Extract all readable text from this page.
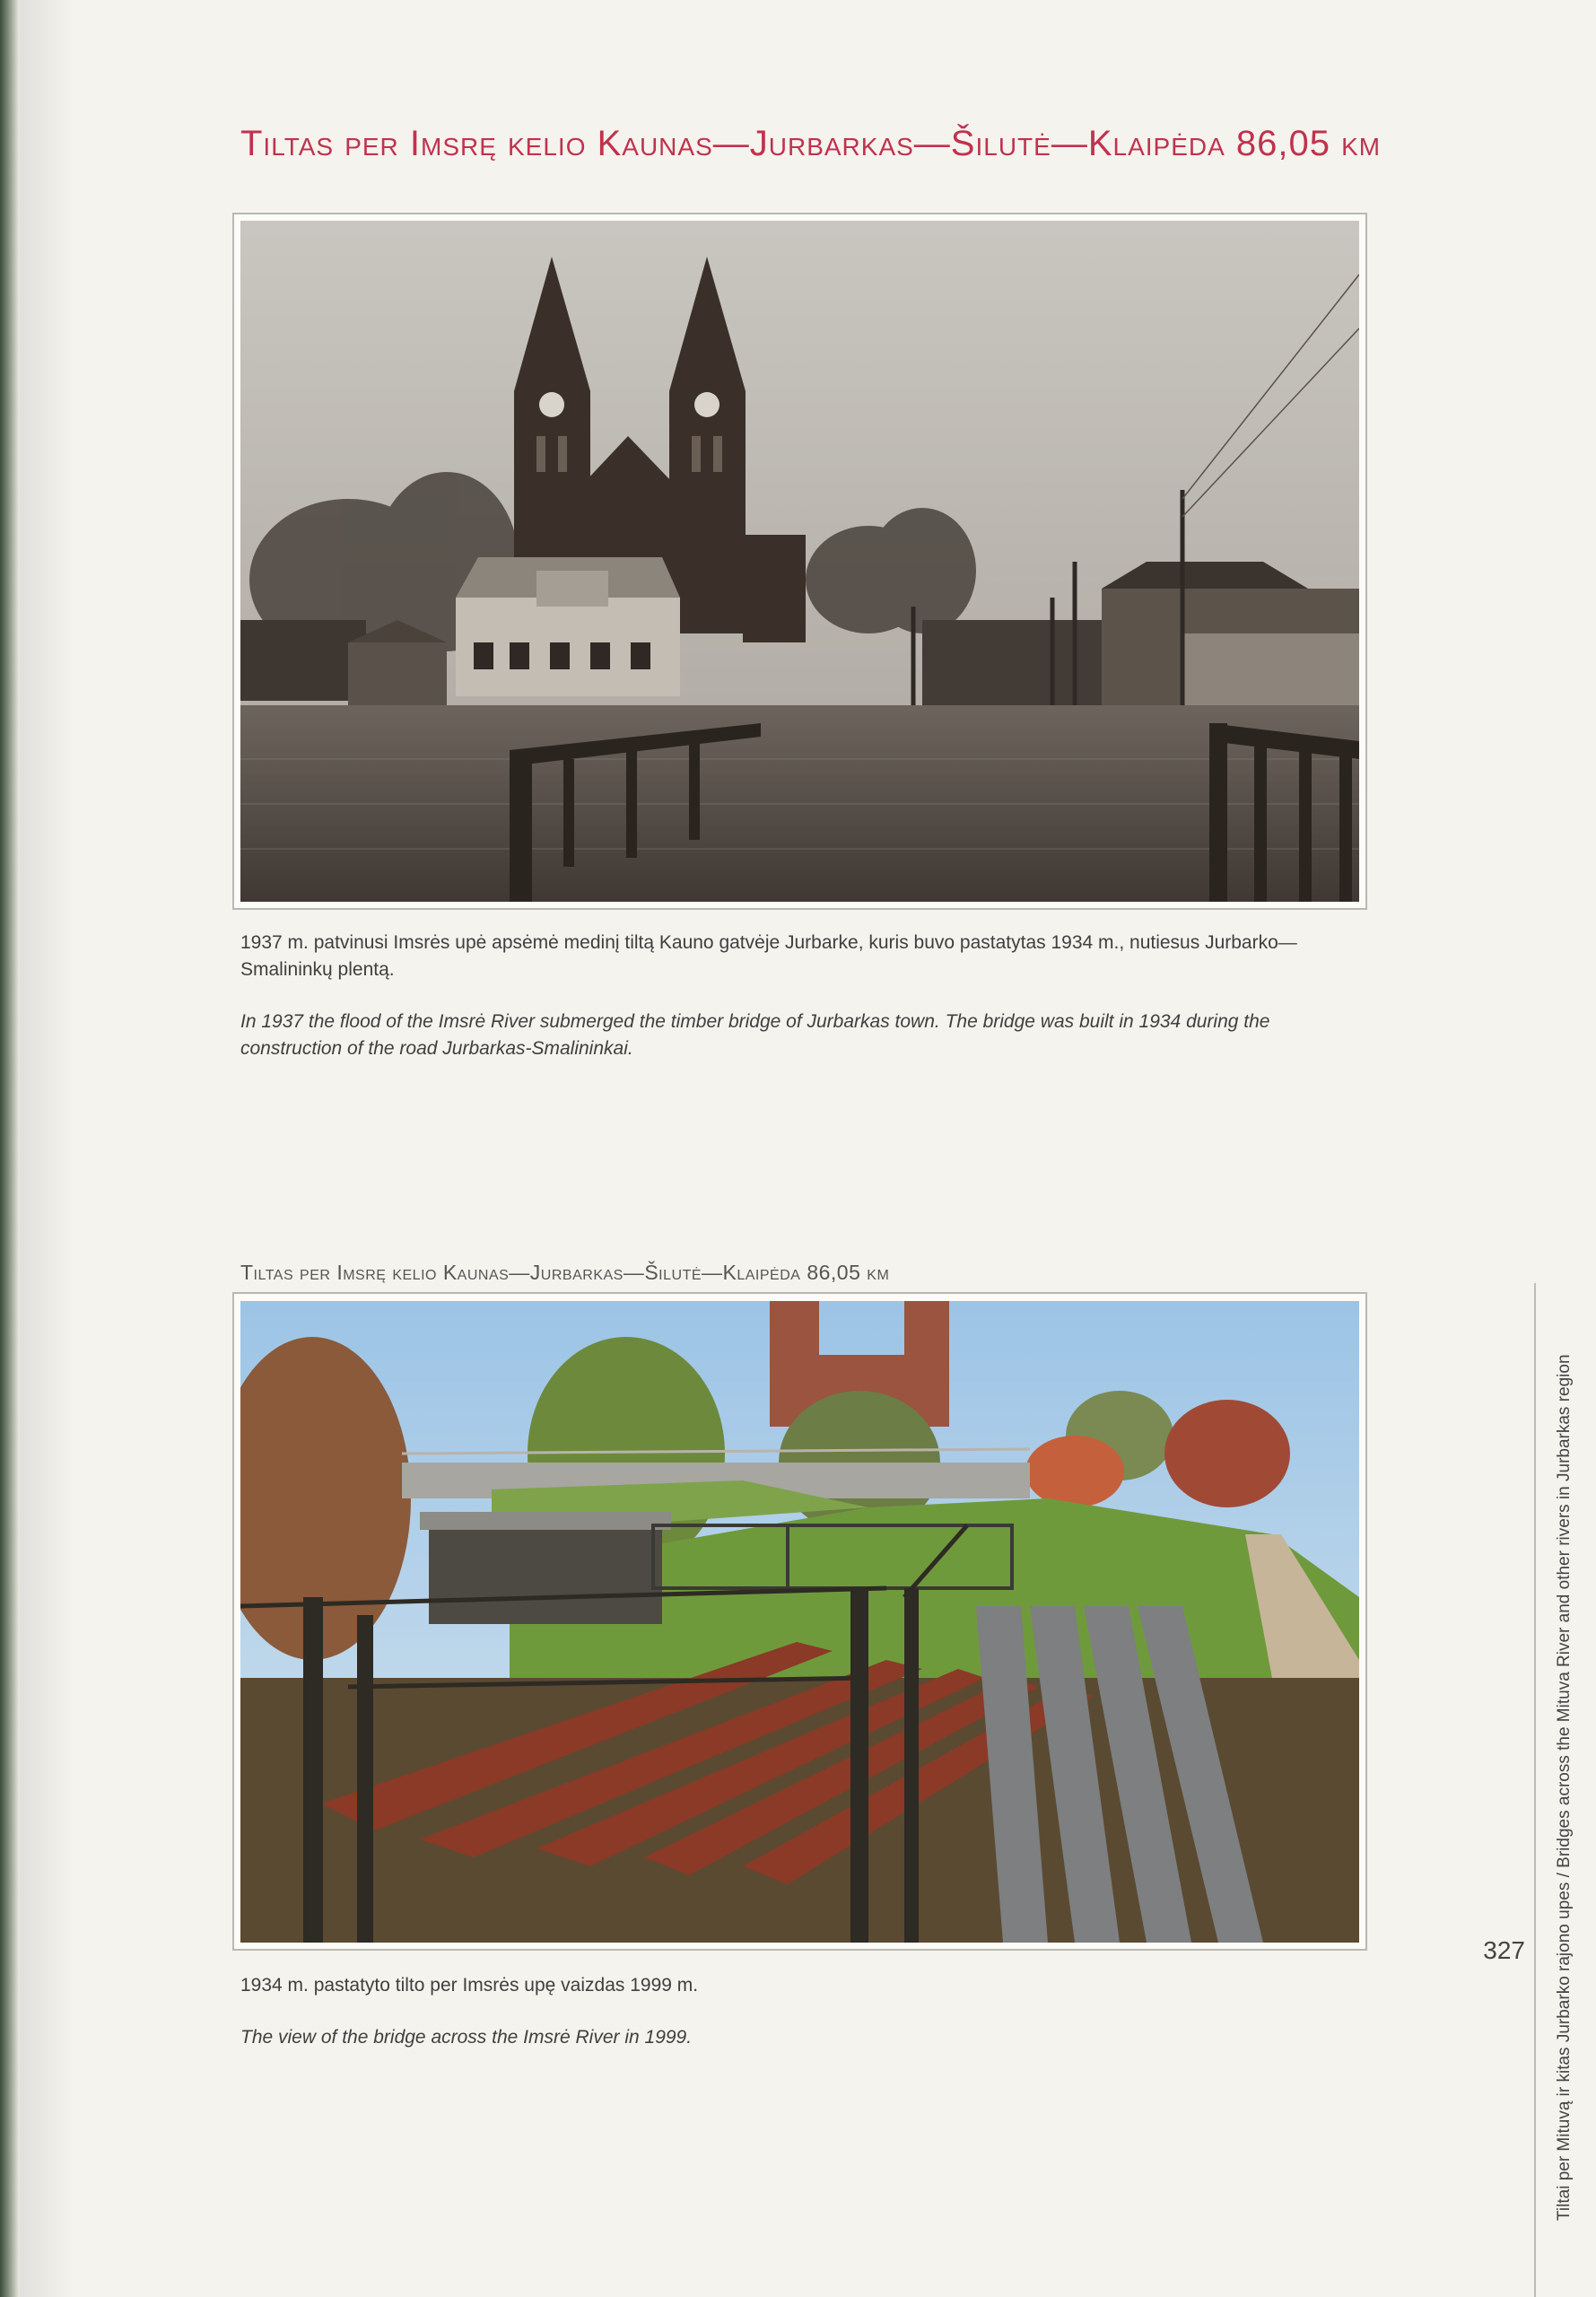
Tiltas per Imsrę kelio Kaunas—Jurbarkas—Šilutė—Klaipėda 86,05 km
1937 m. patvinusi Imsrės upė apsėmė medinį tiltą Kauno gatvėje Jurbarke, kuris buvo pastatytas 1934 m., nutiesus Jurbarko—Smalininkų plentą.
In 1937 the flood of the Imsrė River submerged the timber bridge of Jurbarkas town. The bridge was built in 1934 during the construction of the road Jurbarkas-Smalininkai.
Tiltas per Imsrę kelio Kaunas—Jurbarkas—Šilutė—Klaipėda 86,05 km
1934 m. pastatyto tilto per Imsrės upę vaizdas 1999 m.
The view of the bridge across the Imsrė River in 1999.	Tiltai per Mituvą ir kitas Jurbarko rajono upes / Bridges across the Mituva River and other rivers in Jurbarkas region
327
